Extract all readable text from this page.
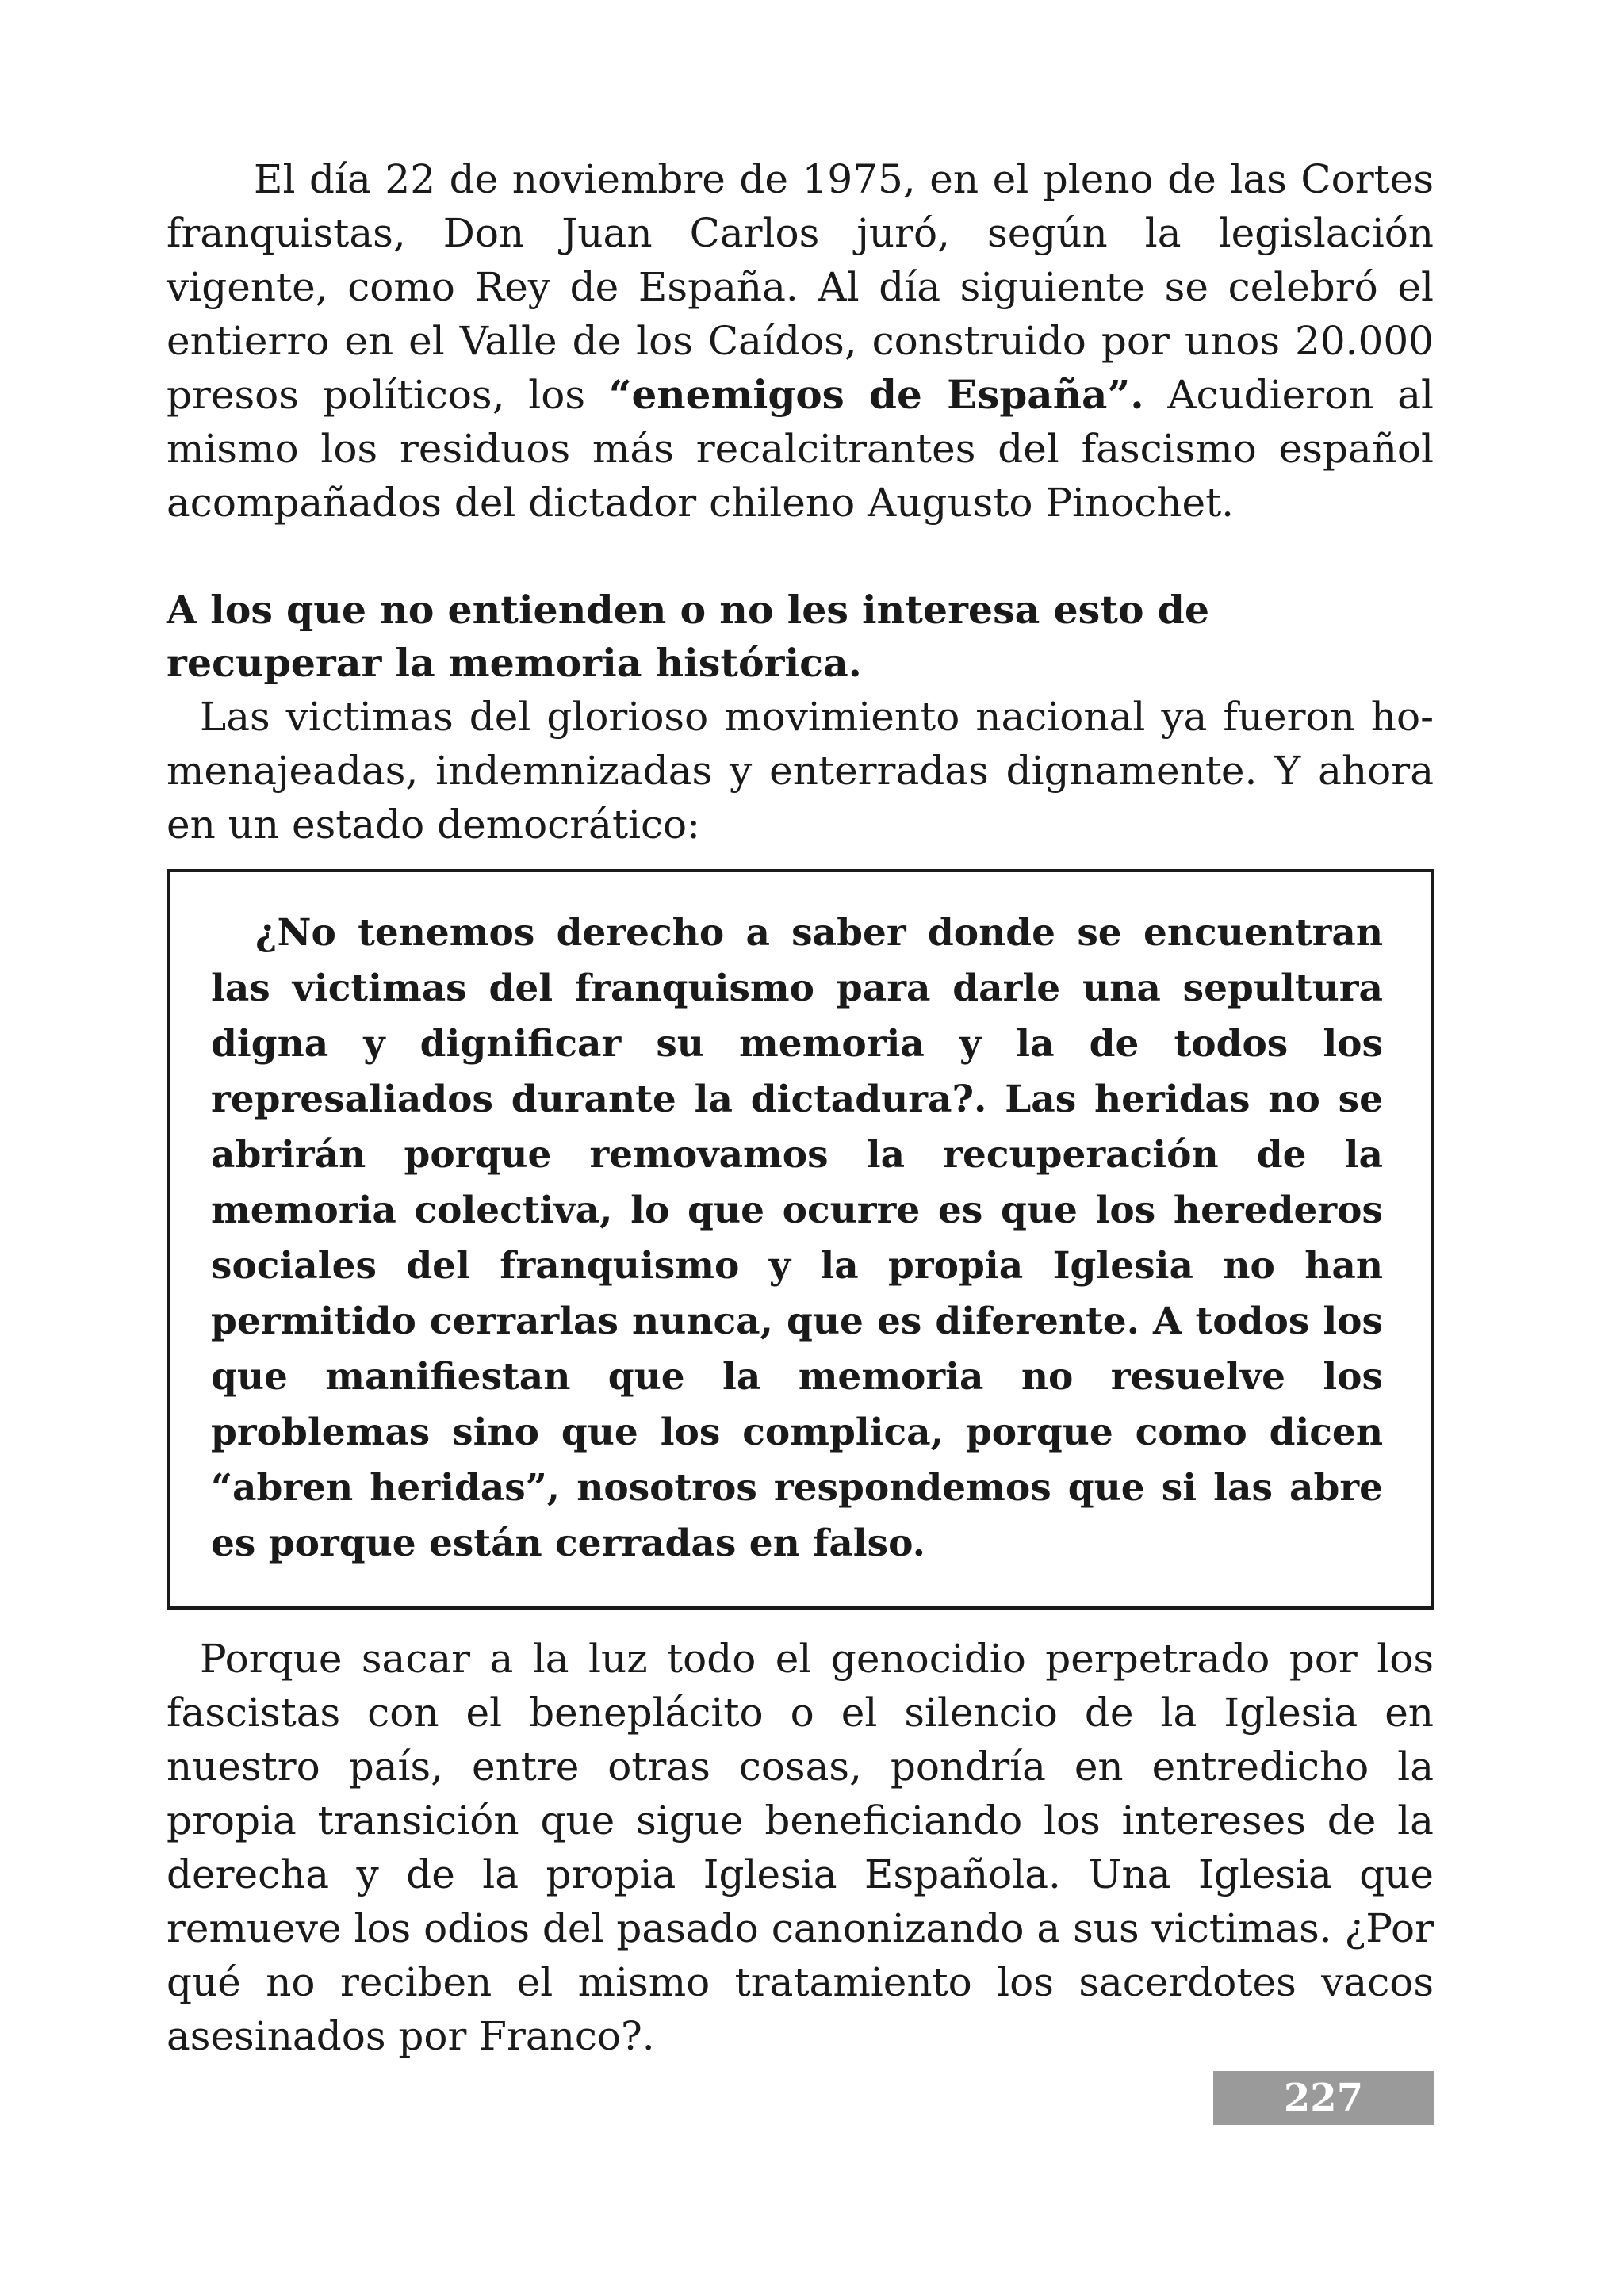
El día 22 de noviembre de 1975, en el pleno de las Cortes franquistas, Don Juan Carlos juró, según la legislación vigente, como Rey de España. Al día siguiente se celebró el entierro en el Valle de los Caídos, construido por unos 20.000 presos políticos, los “enemigos de España”. Acudieron al mismo los residuos más recalcitrantes del fascismo español acompañados del dictador chileno Augusto Pinochet.

A los que no entienden o no les interesa esto de recuperar la memoria histórica.

Las victimas del glorioso movimiento nacional ya fueron homenajeadas, indemnizadas y enterradas dignamente. Y ahora en un estado democrático:

¿No tenemos derecho a saber donde se encuentran las victimas del franquismo para darle una sepultura digna y dignificar su memoria y la de todos los represaliados durante la dictadura?. Las heridas no se abrirán porque removamos la recuperación de la memoria colectiva, lo que ocurre es que los herederos sociales del franquismo y la propia Iglesia no han permitido cerrarlas nunca, que es diferente. A todos los que manifiestan que la memoria no resuelve los problemas sino que los complica, porque como dicen “abren heridas”, nosotros respondemos que si las abre es porque están cerradas en falso.

Porque sacar a la luz todo el genocidio perpetrado por los fascistas con el beneplácito o el silencio de la Iglesia en nuestro país, entre otras cosas, pondría en entredicho la propia transición que sigue beneficiando los intereses de la derecha y de la propia Iglesia Española. Una Iglesia que remueve los odios del pasado canonizando a sus victimas. ¿Por qué no reciben el mismo tratamiento los sacerdotes vacos asesinados por Franco?.

227
